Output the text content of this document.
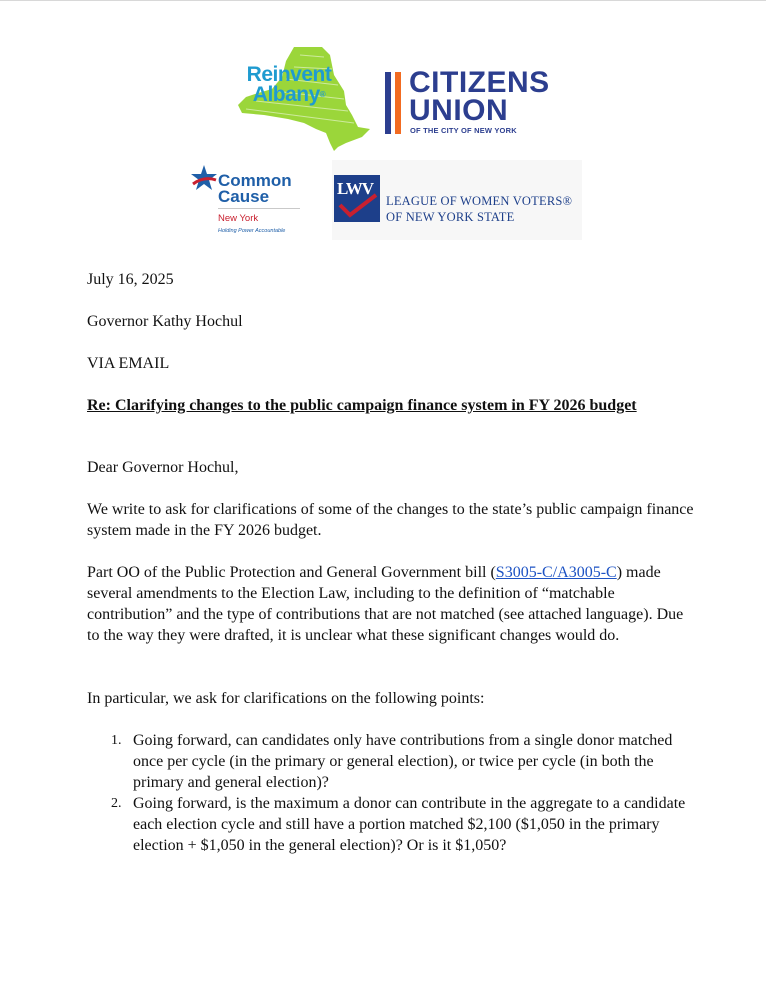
Reinvent
Albany®	CITIZENS
UNION
OF THE CITY OF NEW YORK
Common
Cause
New York
Holding Power Accountable
LWV
LEAGUE OF WOMEN VOTERS®
OF NEW YORK STATE
July 16, 2025
Governor Kathy Hochul
VIA EMAIL
Re: Clarifying changes to the public campaign finance system in FY 2026 budget
Dear Governor Hochul,
We write to ask for clarifications of some of the changes to the state’s public campaign finance system made in the FY 2026 budget.
Part OO of the Public Protection and General Government bill (S3005-C/A3005-C) made several amendments to the Election Law, including to the definition of “matchable contribution” and the type of contributions that are not matched (see attached language). Due to the way they were drafted, it is unclear what these significant changes would do.
In particular, we ask for clarifications on the following points:
1. Going forward, can candidates only have contributions from a single donor matched once per cycle (in the primary or general election), or twice per cycle (in both the primary and general election)?
2. Going forward, is the maximum a donor can contribute in the aggregate to a candidate each election cycle and still have a portion matched $2,100 ($1,050 in the primary election + $1,050 in the general election)? Or is it $1,050?
